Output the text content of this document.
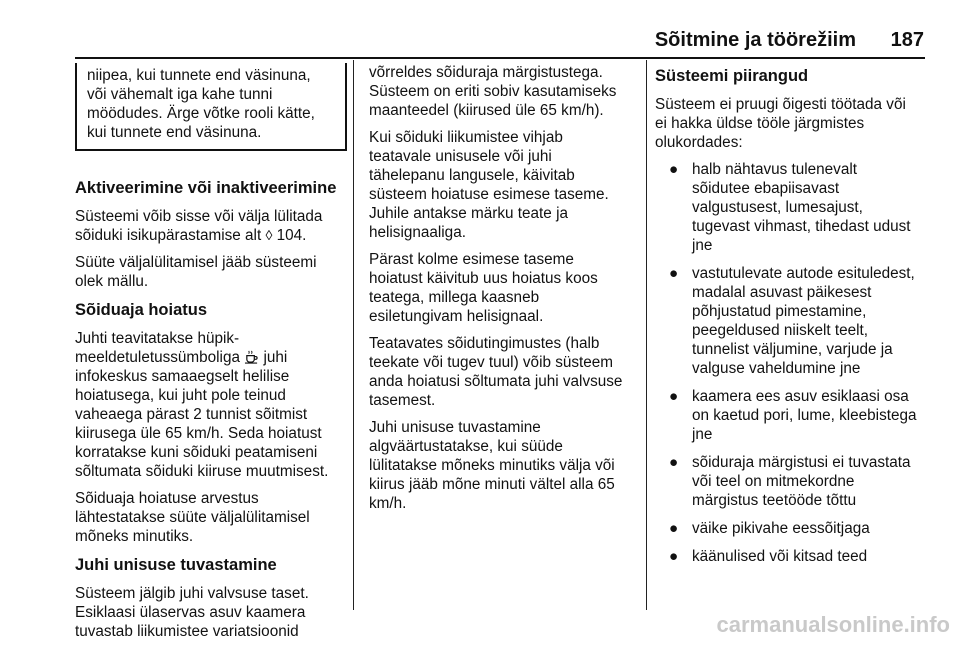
Sõitmine ja töörežiim	187
niipea, kui tunnete end väsinuna,
või vähemalt iga kahe tunni
möödudes. Ärge võtke rooli kätte,
kui tunnete end väsinuna.
Aktiveerimine või inaktiveerimine

Süsteemi võib sisse või välja lülitada
sõiduki isikupärastamise alt ◊ 104.

Süüte väljalülitamisel jääb süsteemi
olek mällu.

Sõiduaja hoiatus

Juhti teavitatakse hüpik-
meeldetuletussümboliga juhi
infokeskus samaaegselt helilise
hoiatusega, kui juht pole teinud
vaheaega pärast 2 tunnist sõitmist
kiirusega üle 65 km/h. Seda hoiatust
korratakse kuni sõiduki peatamiseni
sõltumata sõiduki kiiruse muutmisest.

Sõiduaja hoiatuse arvestus
lähtestatakse süüte väljalülitamisel
mõneks minutiks.

Juhi unisuse tuvastamine

Süsteem jälgib juhi valvsuse taset.
Esiklaasi ülaservas asuv kaamera
tuvastab liikumistee variatsioonid

võrreldes sõiduraja märgistustega.
Süsteem on eriti sobiv kasutamiseks
maanteedel (kiirused üle 65 km/h).

Kui sõiduki liikumistee vihjab
teatavale unisusele või juhi
tähelepanu langusele, käivitab
süsteem hoiatuse esimese taseme.
Juhile antakse märku teate ja
helisignaaliga.

Pärast kolme esimese taseme
hoiatust käivitub uus hoiatus koos
teatega, millega kaasneb
esiletungivam helisignaal.

Teatavates sõidutingimustes (halb
teekate või tugev tuul) võib süsteem
anda hoiatusi sõltumata juhi valvsuse
tasemest.

Juhi unisuse tuvastamine
algväärtustatakse, kui süüde
lülitatakse mõneks minutiks välja või
kiirus jääb mõne minuti vältel alla 65
km/h.

Süsteemi piirangud

Süsteem ei pruugi õigesti töötada või
ei hakka üldse tööle järgmistes
olukordades:

● halb nähtavus tulenevalt
sõidutee ebapiisavast
valgustusest, lumesajust,
tugevast vihmast, tihedast udust
jne
● vastutulevate autode esituledest,
madalal asuvast päikesest
põhjustatud pimestamine,
peegeldused niiskelt teelt,
tunnelist väljumine, varjude ja
valguse vaheldumine jne
● kaamera ees asuv esiklaasi osa
on kaetud pori, lume, kleebistega
jne
● sõiduraja märgistusi ei tuvastata
või teel on mitmekordne
märgistus teetööde tõttu
● väike pikivahe eessõitjaga
● käänulised või kitsad teed
carmanualsonline.info
